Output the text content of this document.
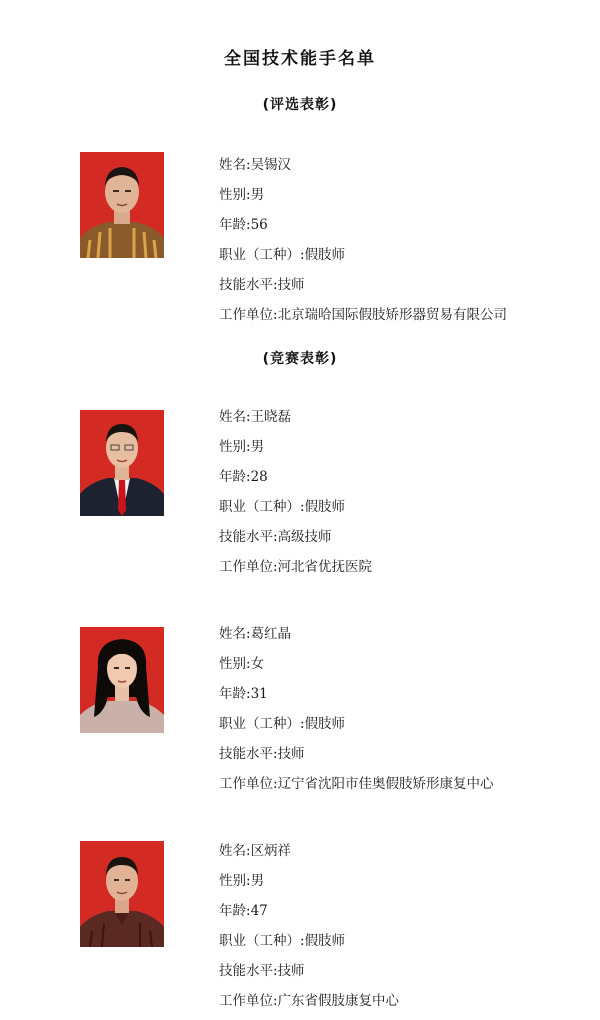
全国技术能手名单
(评选表彰)
姓名:吴锡汉
性别:男
年龄:56
职业（工种）:假肢师
技能水平:技师
工作单位:北京瑞哈国际假肢矫形器贸易有限公司
(竞赛表彰)
姓名:王晓磊
性别:男
年龄:28
职业（工种）:假肢师
技能水平:高级技师
工作单位:河北省优抚医院
姓名:葛红晶
性别:女
年龄:31
职业（工种）:假肢师
技能水平:技师
工作单位:辽宁省沈阳市佳奥假肢矫形康复中心
姓名:区炳祥
性别:男
年龄:47
职业（工种）:假肢师
技能水平:技师
工作单位:广东省假肢康复中心
